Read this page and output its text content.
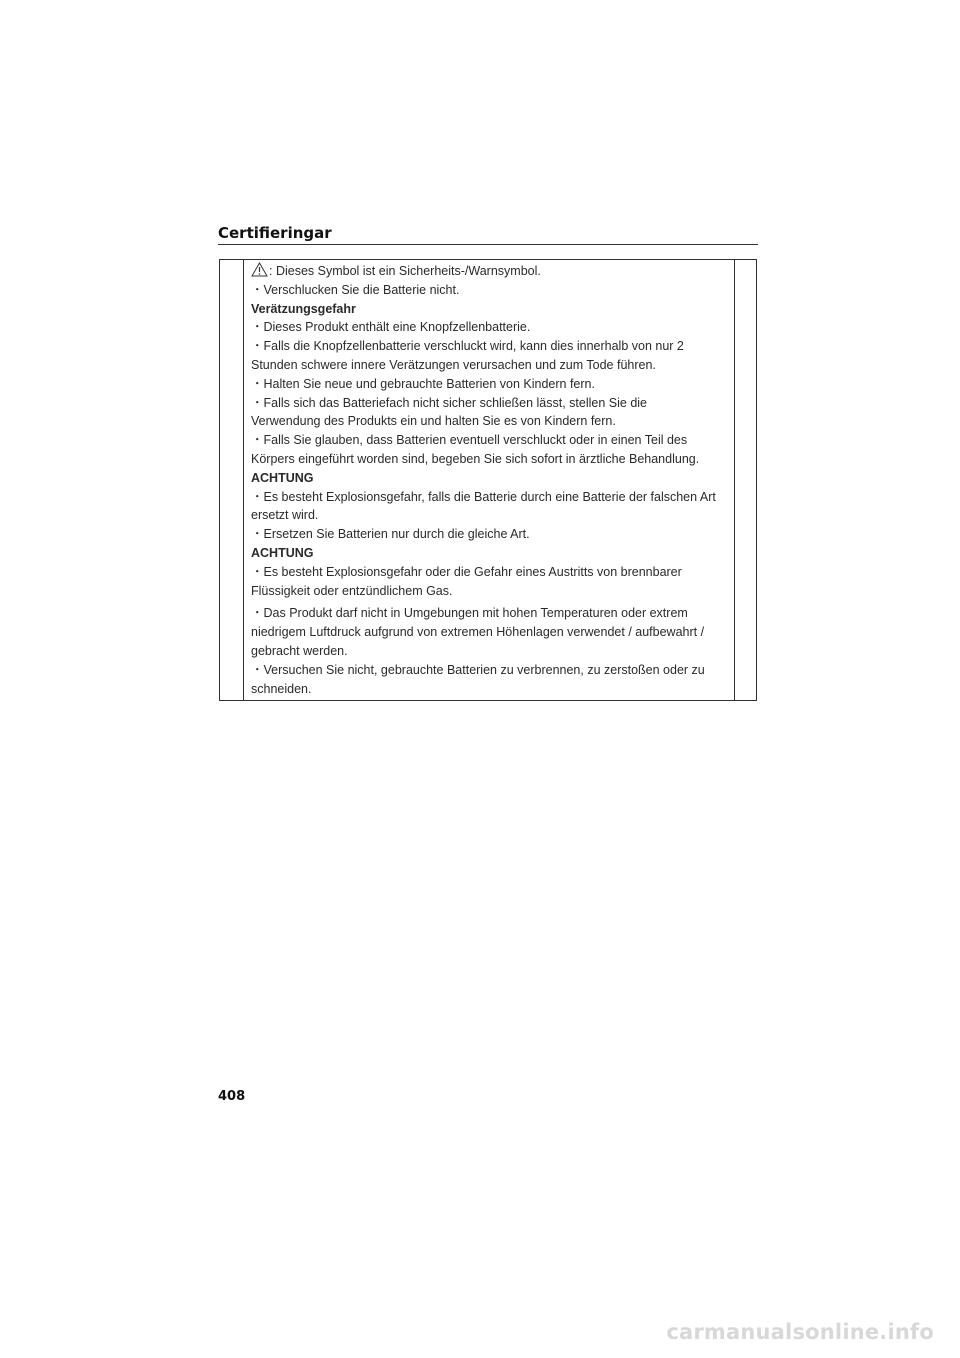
Certifieringar
: Dieses Symbol ist ein Sicherheits-/Warnsymbol.
・Verschlucken Sie die Batterie nicht.
Verätzungsgefahr
・Dieses Produkt enthält eine Knopfzellenbatterie.
・Falls die Knopfzellenbatterie verschluckt wird, kann dies innerhalb von nur 2
Stunden schwere innere Verätzungen verursachen und zum Tode führen.
・Halten Sie neue und gebrauchte Batterien von Kindern fern.
・Falls sich das Batteriefach nicht sicher schließen lässt, stellen Sie die
Verwendung des Produkts ein und halten Sie es von Kindern fern.
・Falls Sie glauben, dass Batterien eventuell verschluckt oder in einen Teil des
Körpers eingeführt worden sind, begeben Sie sich sofort in ärztliche Behandlung.
ACHTUNG
・Es besteht Explosionsgefahr, falls die Batterie durch eine Batterie der falschen Art
ersetzt wird.
・Ersetzen Sie Batterien nur durch die gleiche Art.
ACHTUNG
・Es besteht Explosionsgefahr oder die Gefahr eines Austritts von brennbarer
Flüssigkeit oder entzündlichem Gas.
・Das Produkt darf nicht in Umgebungen mit hohen Temperaturen oder extrem
niedrigem Luftdruck aufgrund von extremen Höhenlagen verwendet / aufbewahrt /
gebracht werden.
・Versuchen Sie nicht, gebrauchte Batterien zu verbrennen, zu zerstoßen oder zu
schneiden.
408
carmanualsonline.info
